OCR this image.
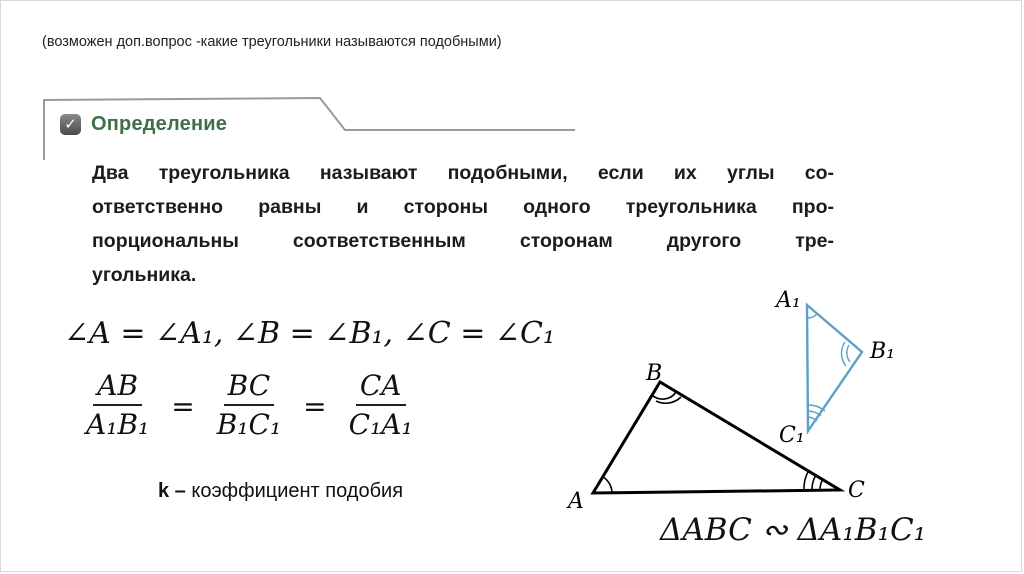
(возможен доп.вопрос -какие треугольники называются подобными)
✓ Определение
Два треугольника называют подобными, если их углы со-
ответственно равны и стороны одного треугольника про-
порциональны соответственным сторонам другого тре-
угольника.
∠A = ∠A₁, ∠B = ∠B₁, ∠C = ∠C₁
$\frac{AB}{\text{A₁B₁}} = \frac{BC}{\text{B₁C₁}} = \frac{CA}{\text{C₁A₁}}$
A
B
C
A₁
B₁
C₁
ΔABC ∾ ΔA₁B₁C₁
k – коэффициент подобия
